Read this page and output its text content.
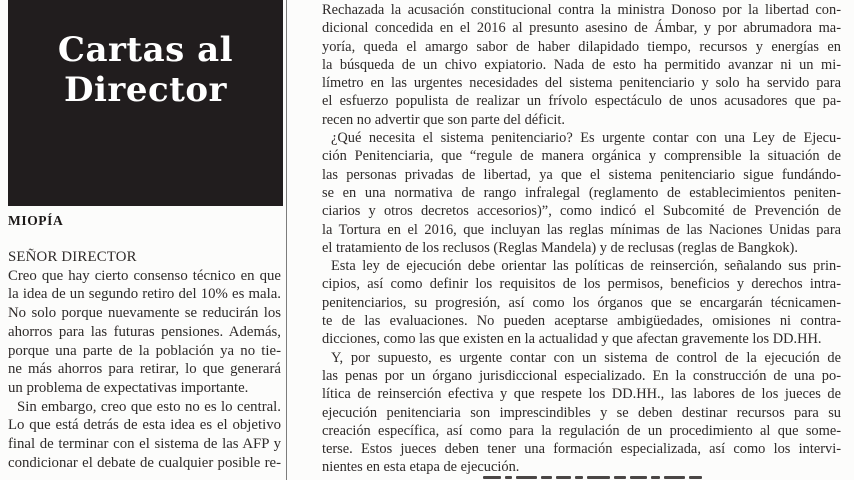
Cartas al
Director
MIOPÍA
SEÑOR DIRECTOR
Creo que hay cierto consenso técnico en que
la idea de un segundo retiro del 10% es mala.
No solo porque nuevamente se reducirán los
ahorros para las futuras pensiones. Además,
porque una parte de la población ya no tie-
ne más ahorros para retirar, lo que generará
un problema de expectativas importante.
Sin embargo, creo que esto no es lo central.
Lo que está detrás de esta idea es el objetivo
final de terminar con el sistema de las AFP y
condicionar el debate de cualquier posible re-
Rechazada la acusación constitucional contra la ministra Donoso por la libertad con-
dicional concedida en el 2016 al presunto asesino de Ámbar, y por abrumadora ma-
yoría, queda el amargo sabor de haber dilapidado tiempo, recursos y energías en
la búsqueda de un chivo expiatorio. Nada de esto ha permitido avanzar ni un mi-
límetro en las urgentes necesidades del sistema penitenciario y solo ha servido para
el esfuerzo populista de realizar un frívolo espectáculo de unos acusadores que pa-
recen no advertir que son parte del déficit.
¿Qué necesita el sistema penitenciario? Es urgente contar con una Ley de Ejecu-
ción Penitenciaria, que “regule de manera orgánica y comprensible la situación de
las personas privadas de libertad, ya que el sistema penitenciario sigue fundándo-
se en una normativa de rango infralegal (reglamento de establecimientos peniten-
ciarios y otros decretos accesorios)”, como indicó el Subcomité de Prevención de
la Tortura en el 2016, que incluyan las reglas mínimas de las Naciones Unidas para
el tratamiento de los reclusos (Reglas Mandela) y de reclusas (reglas de Bangkok).
Esta ley de ejecución debe orientar las políticas de reinserción, señalando sus prin-
cipios, así como definir los requisitos de los permisos, beneficios y derechos intra-
penitenciarios, su progresión, así como los órganos que se encargarán técnicamen-
te de las evaluaciones. No pueden aceptarse ambigüedades, omisiones ni contra-
dicciones, como las que existen en la actualidad y que afectan gravemente los DD.HH.
Y, por supuesto, es urgente contar con un sistema de control de la ejecución de
las penas por un órgano jurisdiccional especializado. En la construcción de una po-
lítica de reinserción efectiva y que respete los DD.HH., las labores de los jueces de
ejecución penitenciaria son imprescindibles y se deben destinar recursos para su
creación específica, así como para la regulación de un procedimiento al que some-
terse. Estos jueces deben tener una formación especializada, así como los intervi-
nientes en esta etapa de ejecución.
